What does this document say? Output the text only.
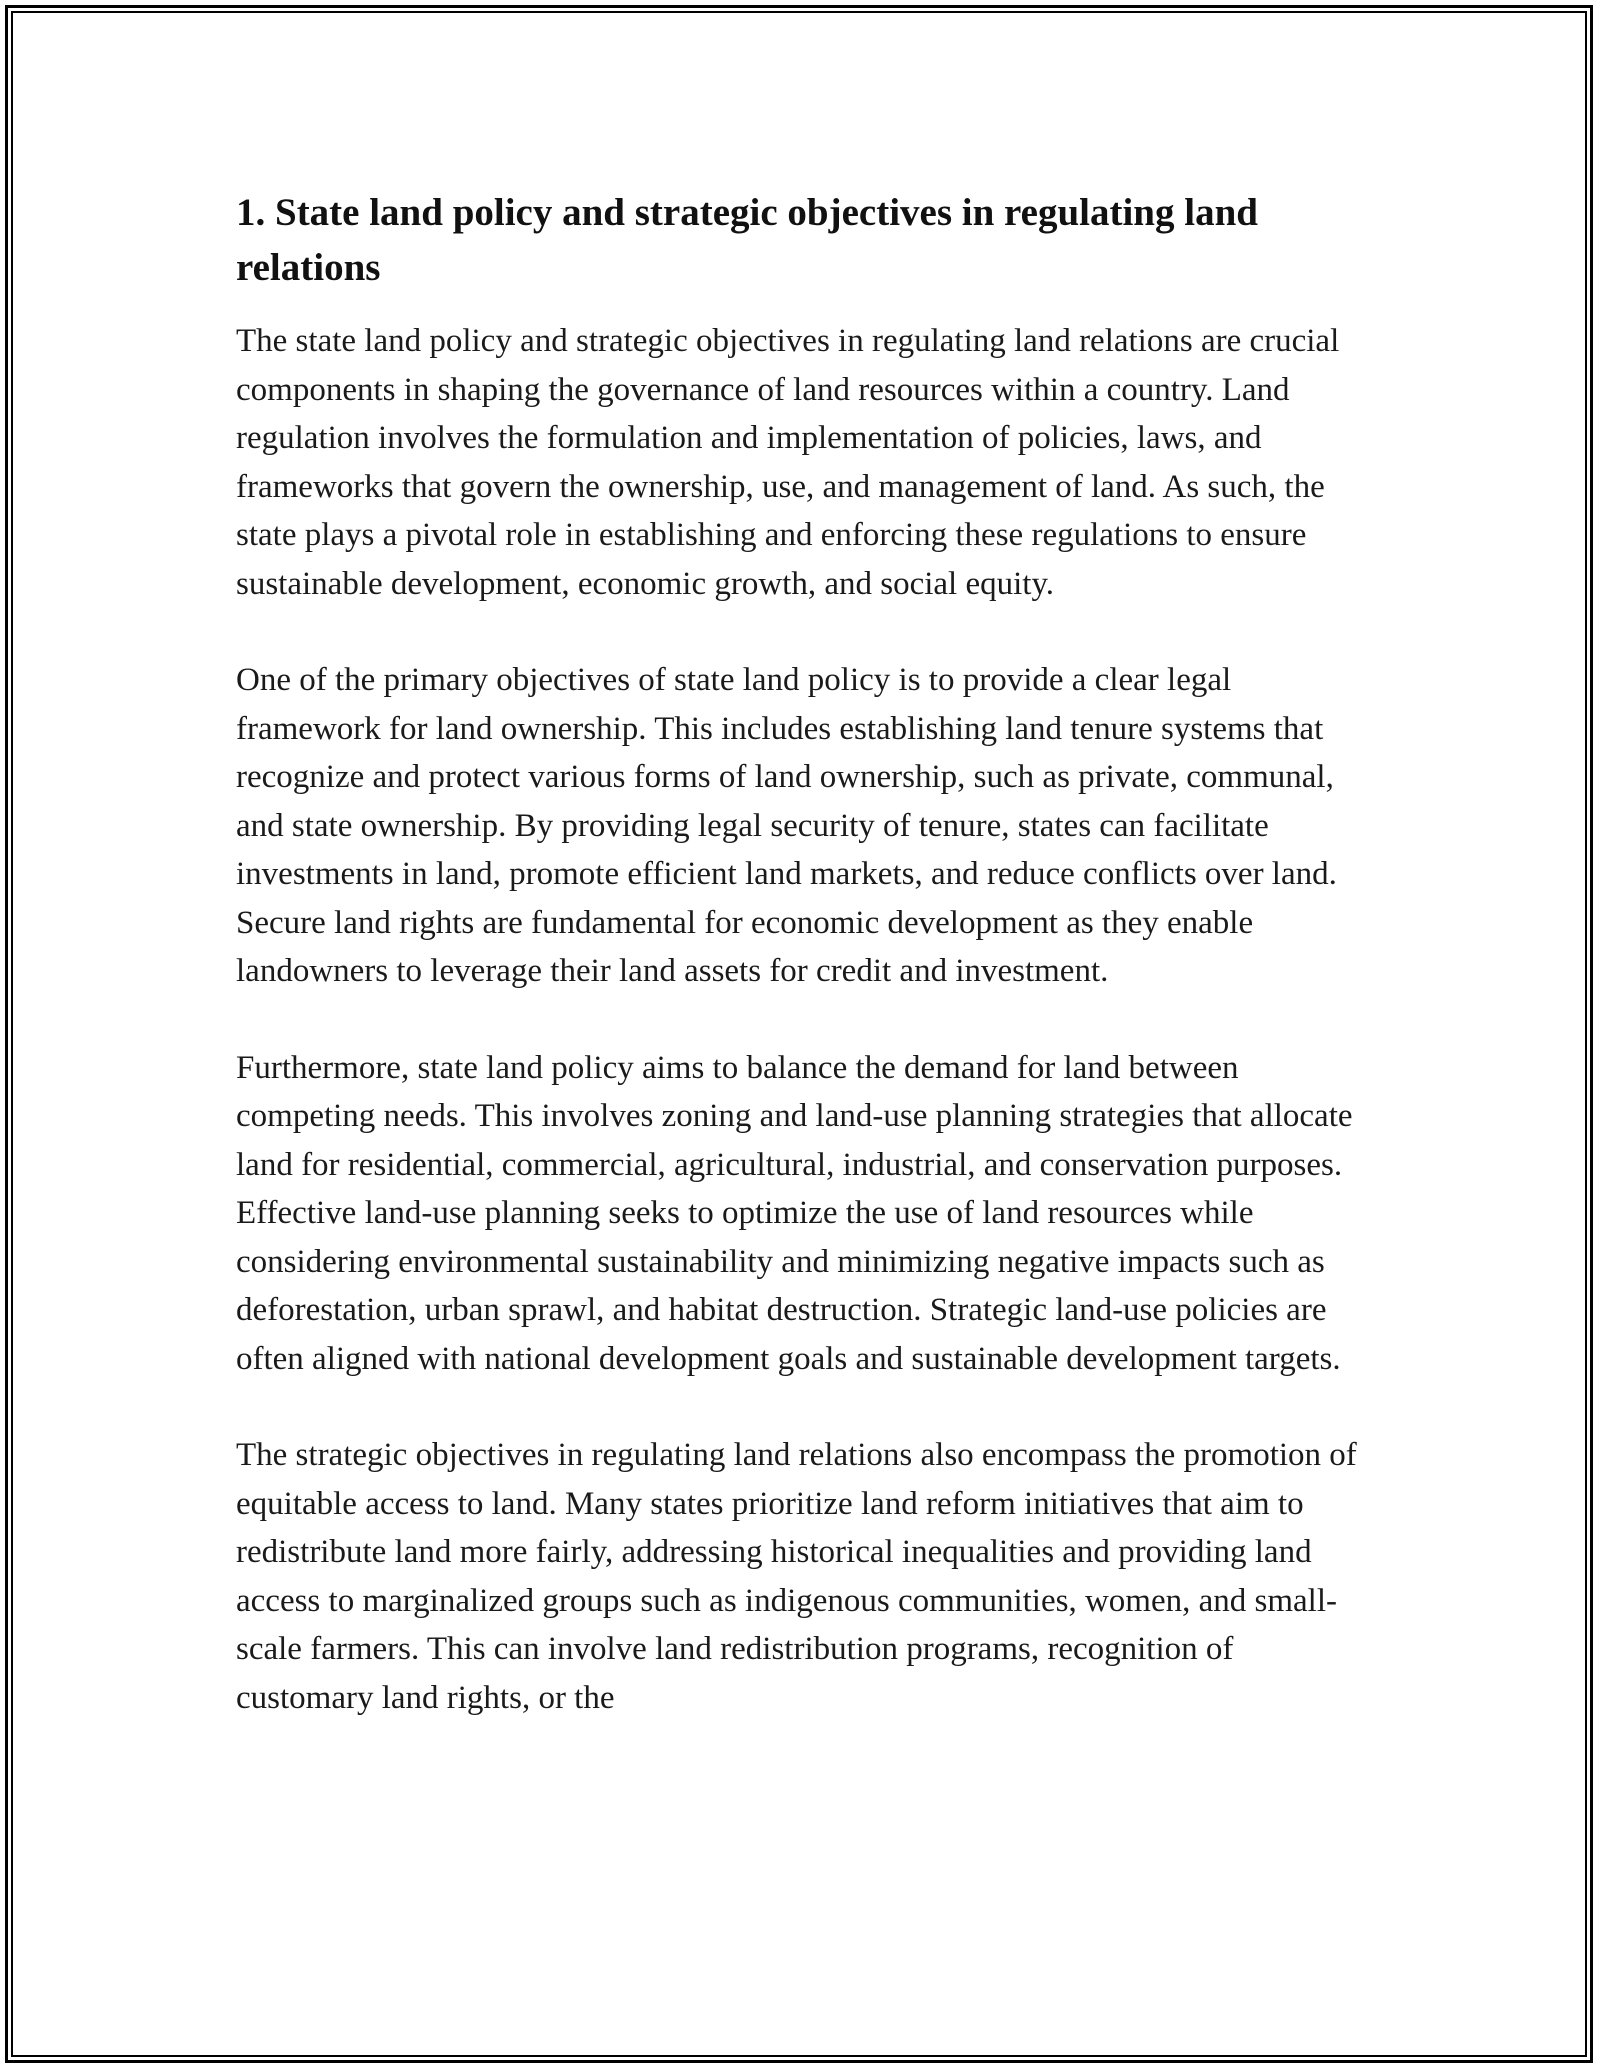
1. State land policy and strategic objectives in regulating land relations

The state land policy and strategic objectives in regulating land relations are crucial components in shaping the governance of land resources within a country. Land regulation involves the formulation and implementation of policies, laws, and frameworks that govern the ownership, use, and management of land. As such, the state plays a pivotal role in establishing and enforcing these regulations to ensure sustainable development, economic growth, and social equity.

One of the primary objectives of state land policy is to provide a clear legal framework for land ownership. This includes establishing land tenure systems that recognize and protect various forms of land ownership, such as private, communal, and state ownership. By providing legal security of tenure, states can facilitate investments in land, promote efficient land markets, and reduce conflicts over land. Secure land rights are fundamental for economic development as they enable landowners to leverage their land assets for credit and investment.

Furthermore, state land policy aims to balance the demand for land between competing needs. This involves zoning and land-use planning strategies that allocate land for residential, commercial, agricultural, industrial, and conservation purposes. Effective land-use planning seeks to optimize the use of land resources while considering environmental sustainability and minimizing negative impacts such as deforestation, urban sprawl, and habitat destruction. Strategic land-use policies are often aligned with national development goals and sustainable development targets.

The strategic objectives in regulating land relations also encompass the promotion of equitable access to land. Many states prioritize land reform initiatives that aim to redistribute land more fairly, addressing historical inequalities and providing land access to marginalized groups such as indigenous communities, women, and small-scale farmers. This can involve land redistribution programs, recognition of customary land rights, or the
